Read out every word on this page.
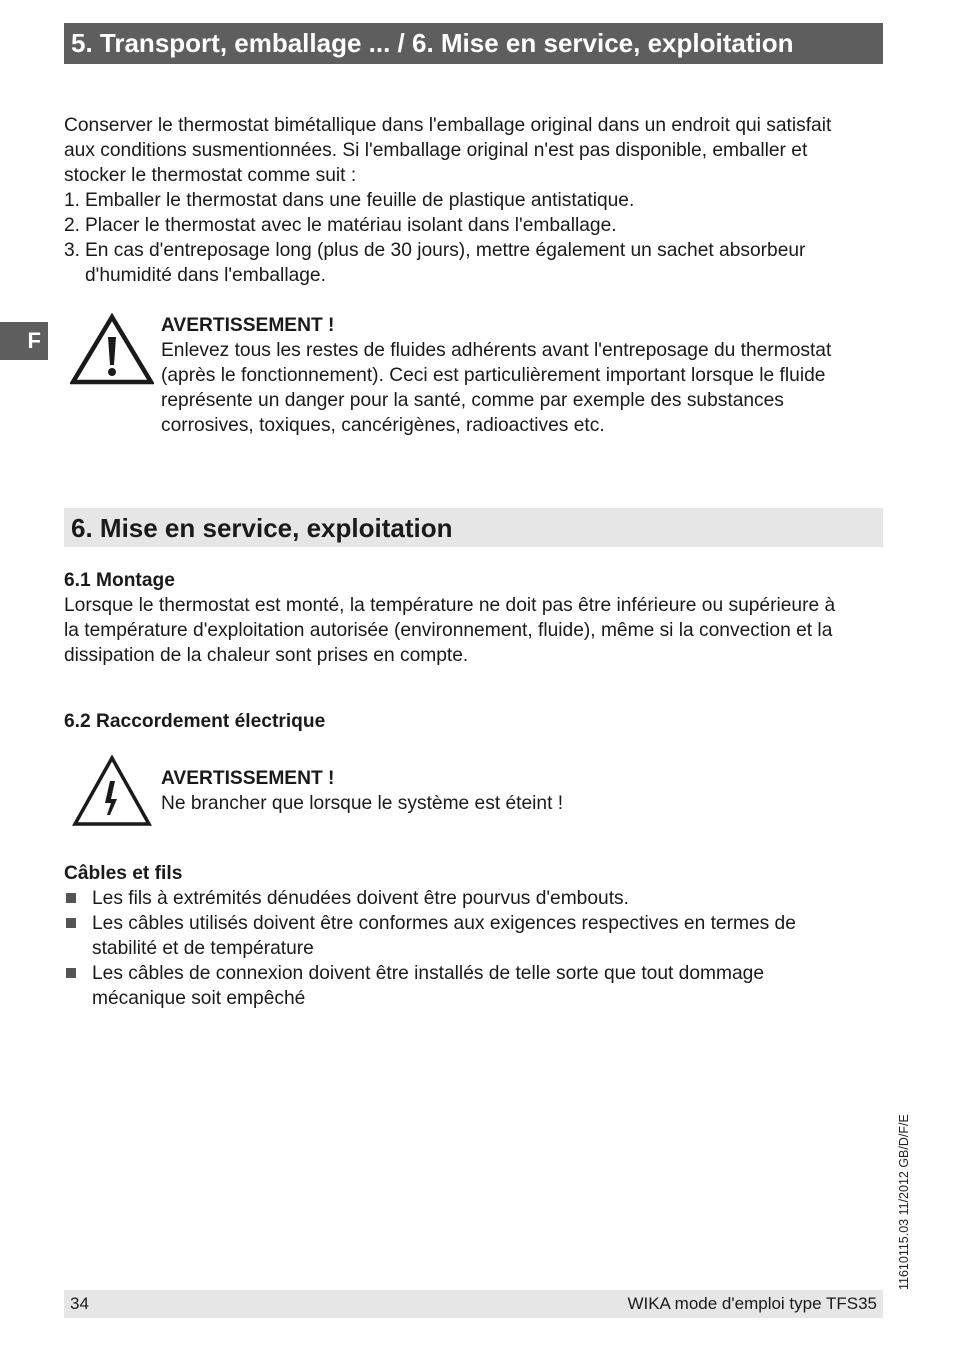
5. Transport, emballage ... / 6. Mise en service, exploitation
F
Conserver le thermostat bimétallique dans l'emballage original dans un endroit qui satisfait
aux conditions susmentionnées. Si l'emballage original n'est pas disponible, emballer et
stocker le thermostat comme suit :
1. Emballer le thermostat dans une feuille de plastique antistatique.
2. Placer le thermostat avec le matériau isolant dans l'emballage.
3. En cas d'entreposage long (plus de 30 jours), mettre également un sachet absorbeur
d'humidité dans l'emballage.
AVERTISSEMENT !
Enlevez tous les restes de fluides adhérents avant l'entreposage du thermostat
(après le fonctionnement). Ceci est particulièrement important lorsque le fluide
représente un danger pour la santé, comme par exemple des substances
corrosives, toxiques, cancérigènes, radioactives etc.
6. Mise en service, exploitation
6.1 Montage
Lorsque le thermostat est monté, la température ne doit pas être inférieure ou supérieure à
la température d'exploitation autorisée (environnement, fluide), même si la convection et la
dissipation de la chaleur sont prises en compte.
6.2 Raccordement électrique
AVERTISSEMENT !
Ne brancher que lorsque le système est éteint !
Câbles et fils
Les fils à extrémités dénudées doivent être pourvus d'embouts.
Les câbles utilisés doivent être conformes aux exigences respectives en termes de
stabilité et de température
Les câbles de connexion doivent être installés de telle sorte que tout dommage
mécanique soit empêché
11610115.03 11/2012 GB/D/F/E
34	WIKA mode d'emploi type TFS35
